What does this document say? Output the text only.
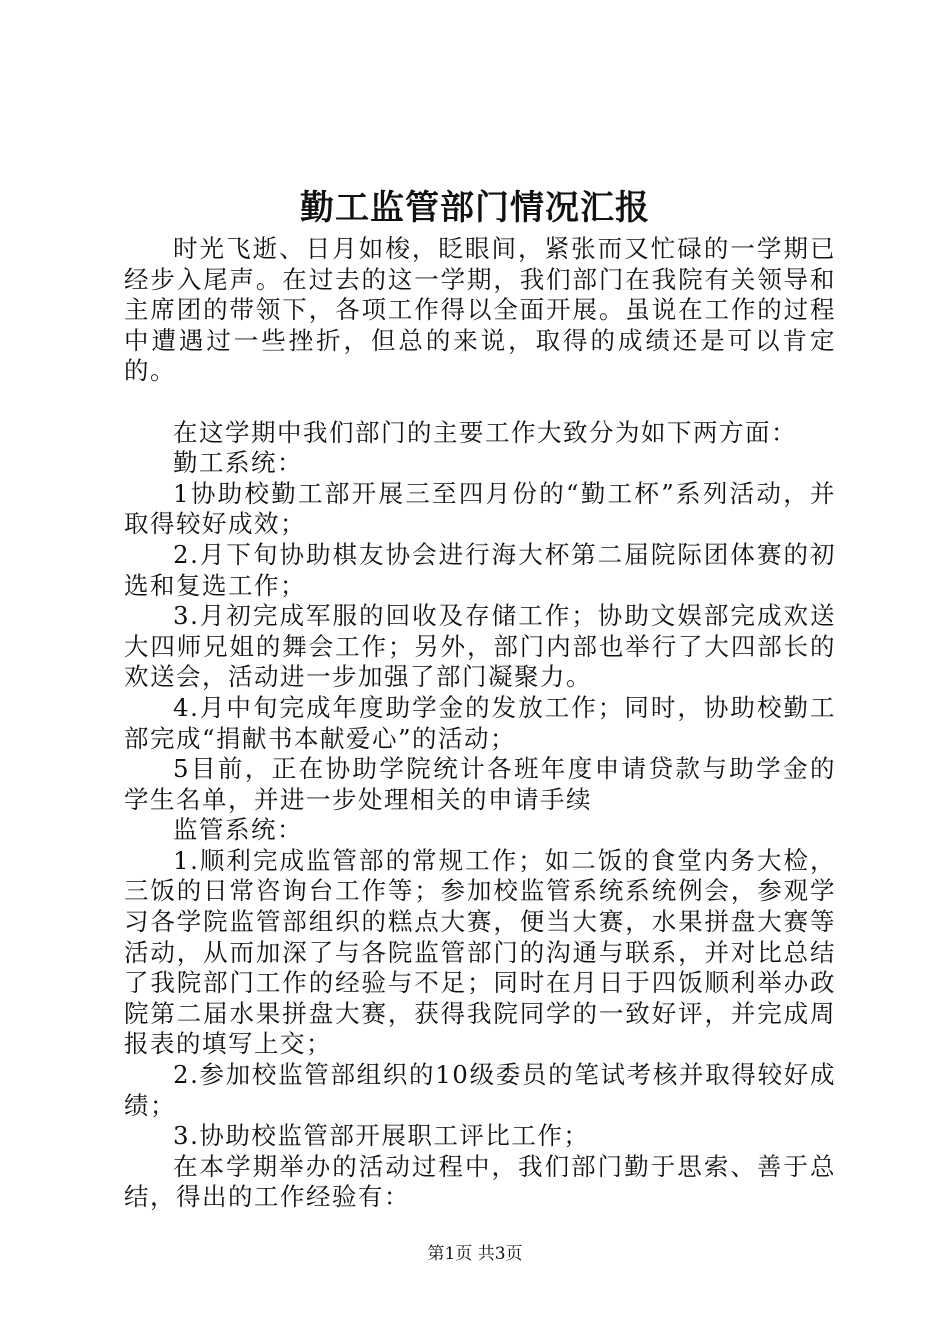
勤工监管部门情况汇报

时光飞逝、日月如梭，眨眼间，紧张而又忙碌的一学期已经步入尾声。在过去的这一学期，我们部门在我院有关领导和主席团的带领下，各项工作得以全面开展。虽说在工作的过程中遭遇过一些挫折，但总的来说，取得的成绩还是可以肯定的。

在这学期中我们部门的主要工作大致分为如下两方面：

勤工系统：

1协助校勤工部开展三至四月份的“勤工杯”系列活动，并取得较好成效；

2.月下旬协助棋友协会进行海大杯第二届院际团体赛的初选和复选工作；

3.月初完成军服的回收及存储工作；协助文娱部完成欢送大四师兄姐的舞会工作；另外，部门内部也举行了大四部长的欢送会，活动进一步加强了部门凝聚力。

4.月中旬完成年度助学金的发放工作；同时，协助校勤工部完成“捐献书本献爱心”的活动；

5目前，正在协助学院统计各班年度申请贷款与助学金的学生名单，并进一步处理相关的申请手续

监管系统：

1.顺利完成监管部的常规工作；如二饭的食堂内务大检，三饭的日常咨询台工作等；参加校监管系统系统例会，参观学习各学院监管部组织的糕点大赛，便当大赛，水果拼盘大赛等活动，从而加深了与各院监管部门的沟通与联系，并对比总结了我院部门工作的经验与不足；同时在月日于四饭顺利举办政院第二届水果拼盘大赛，获得我院同学的一致好评，并完成周报表的填写上交；

2.参加校监管部组织的10级委员的笔试考核并取得较好成绩；

3.协助校监管部开展职工评比工作；

在本学期举办的活动过程中，我们部门勤于思索、善于总结，得出的工作经验有：

第1页 共3页
